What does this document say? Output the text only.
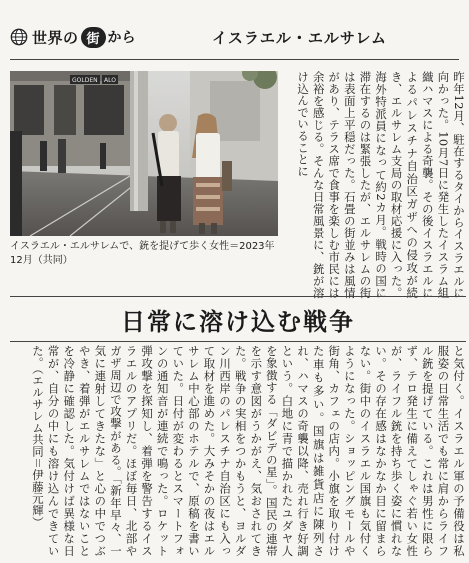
世界の 街 から	イスラエル・エルサレム
GOLDEN ALO
イスラエル・エルサレムで、銃を提げて歩く女性＝2023年12月（共同）	昨年12月、駐在するタイからイスラエルに向かった。10月7日に発生したイスラム組織ハマスによる奇襲。その後イスラエルによるパレスチナ自治区ガザへの侵攻が続き、エルサレム支局の取材応援に入った。海外特派員になって約2カ月。戦時の国に滞在するのは緊張したが、エルサレムの街は表面上平穏だった。石畳の街並みは風情があり、テラス席で食事を楽しむ市民には余裕を感じる。そんな日常風景に、銃が溶け込んでいることに
日常に溶け込む戦争
と気付く。イスラエル軍の予備役は私服姿の日常生活でも常に肩からライフル銃を提げている。これは男性に限らず、テロ発生に備えてしゃぐ若い女性が、ライフル銃を持ち歩く姿に慣れない。その存在感はなかなか目に留まらない。街中のイスラエル国旗も気付くようになった。ショッピングモールや街角、カフェの店内。小旗を取り付けた車も多い。国旗は雑貨店に陳列され、ハマスの奇襲以降、売れ行き好調という。白地に青で描かれたユダヤ人を象徴する「ダビデの星」。国民の連帯を示す意図がうかがえ、気おされてきた。戦争の実相をつかもうと、ヨルダン川西岸のパレスチナ自治区にも入って取材を進めた。大みそかの夜はエルサレム中心部のホテルで、原稿を書いていた。日付が変わるとスマートフォンの通知音が連続で鳴った。ロケット弾攻撃を探知し、着弾を警告するイスラエルのアプリだ。ほぼ毎日、北部やガザ周辺で攻撃がある。「新年早々、一気に連射してきたな」と心の中でつぶやき、着弾がエルサレムではないことを冷静に確認した。気付けば異様な日常が、自分の中にも溶け込んできていた。（エルサレム共同＝伊藤元輝）
